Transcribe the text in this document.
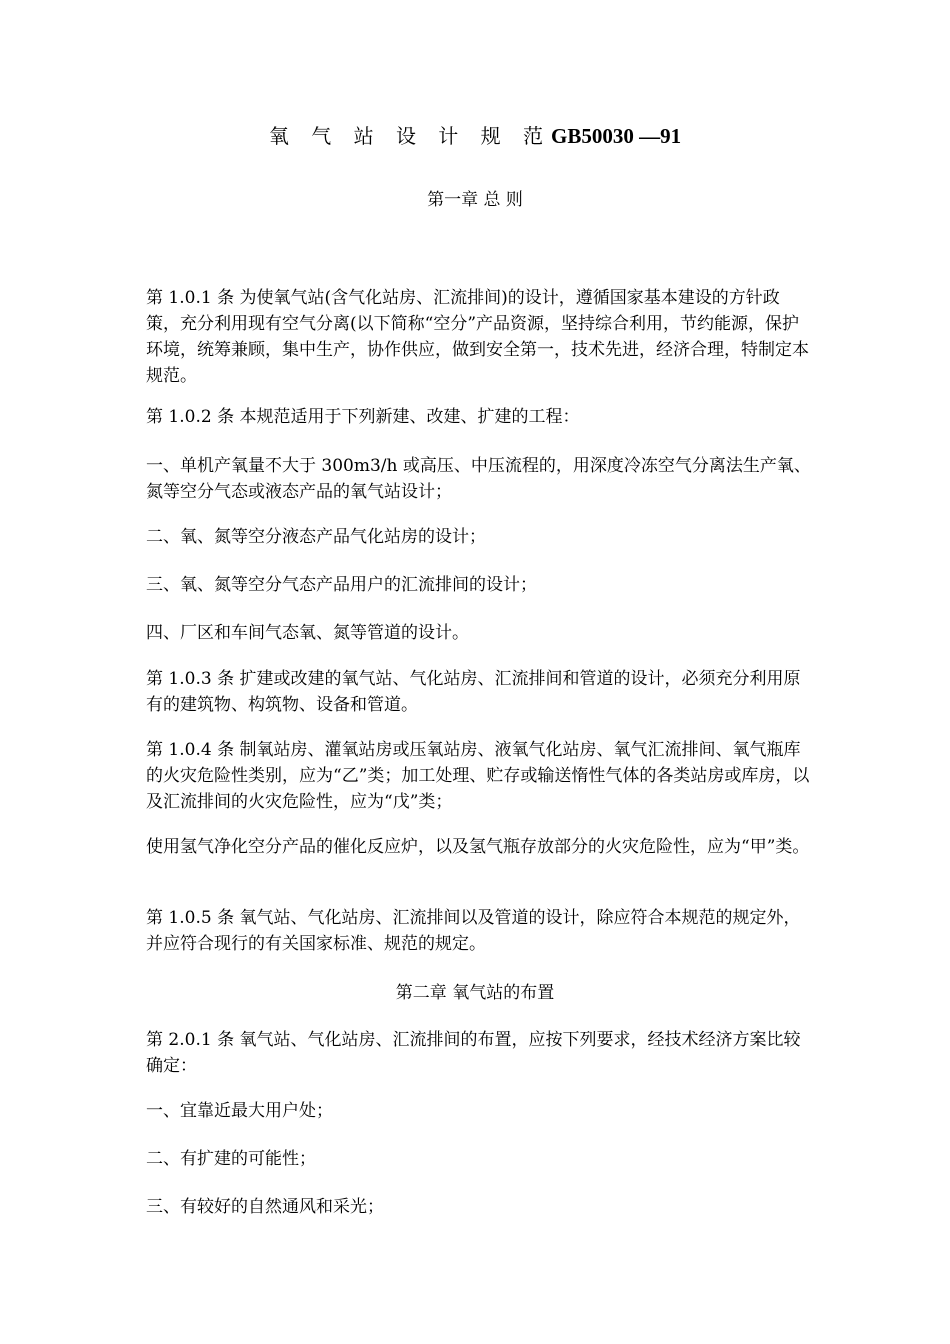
氧 气 站 设 计 规 范GB50030 —91
第一章 总 则

第 1.0.1 条 为使氧气站(含气化站房、汇流排间)的设计，遵循国家基本建设的方针政策，充分利用现有空气分离(以下简称“空分”产品资源，坚持综合利用，节约能源，保护环境，统筹兼顾，集中生产，协作供应，做到安全第一，技术先进，经济合理，特制定本规范。

第 1.0.2 条 本规范适用于下列新建、改建、扩建的工程：

一、单机产氧量不大于 300m3/h 或高压、中压流程的，用深度冷冻空气分离法生产氧、氮等空分气态或液态产品的氧气站设计；

二、氧、氮等空分液态产品气化站房的设计；

三、氧、氮等空分气态产品用户的汇流排间的设计；

四、厂区和车间气态氧、氮等管道的设计。

第 1.0.3 条 扩建或改建的氧气站、气化站房、汇流排间和管道的设计，必须充分利用原有的建筑物、构筑物、设备和管道。

第 1.0.4 条 制氧站房、灌氧站房或压氧站房、液氧气化站房、氧气汇流排间、氧气瓶库的火灾危险性类别，应为“乙”类；加工处理、贮存或输送惰性气体的各类站房或库房，以及汇流排间的火灾危险性，应为“戊”类；

使用氢气净化空分产品的催化反应炉，以及氢气瓶存放部分的火灾危险性，应为“甲”类。

第 1.0.5 条 氧气站、气化站房、汇流排间以及管道的设计，除应符合本规范的规定外，并应符合现行的有关国家标准、规范的规定。

第二章 氧气站的布置

第 2.0.1 条 氧气站、气化站房、汇流排间的布置，应按下列要求，经技术经济方案比较确定：

一、宜靠近最大用户处；

二、有扩建的可能性；

三、有较好的自然通风和采光；
